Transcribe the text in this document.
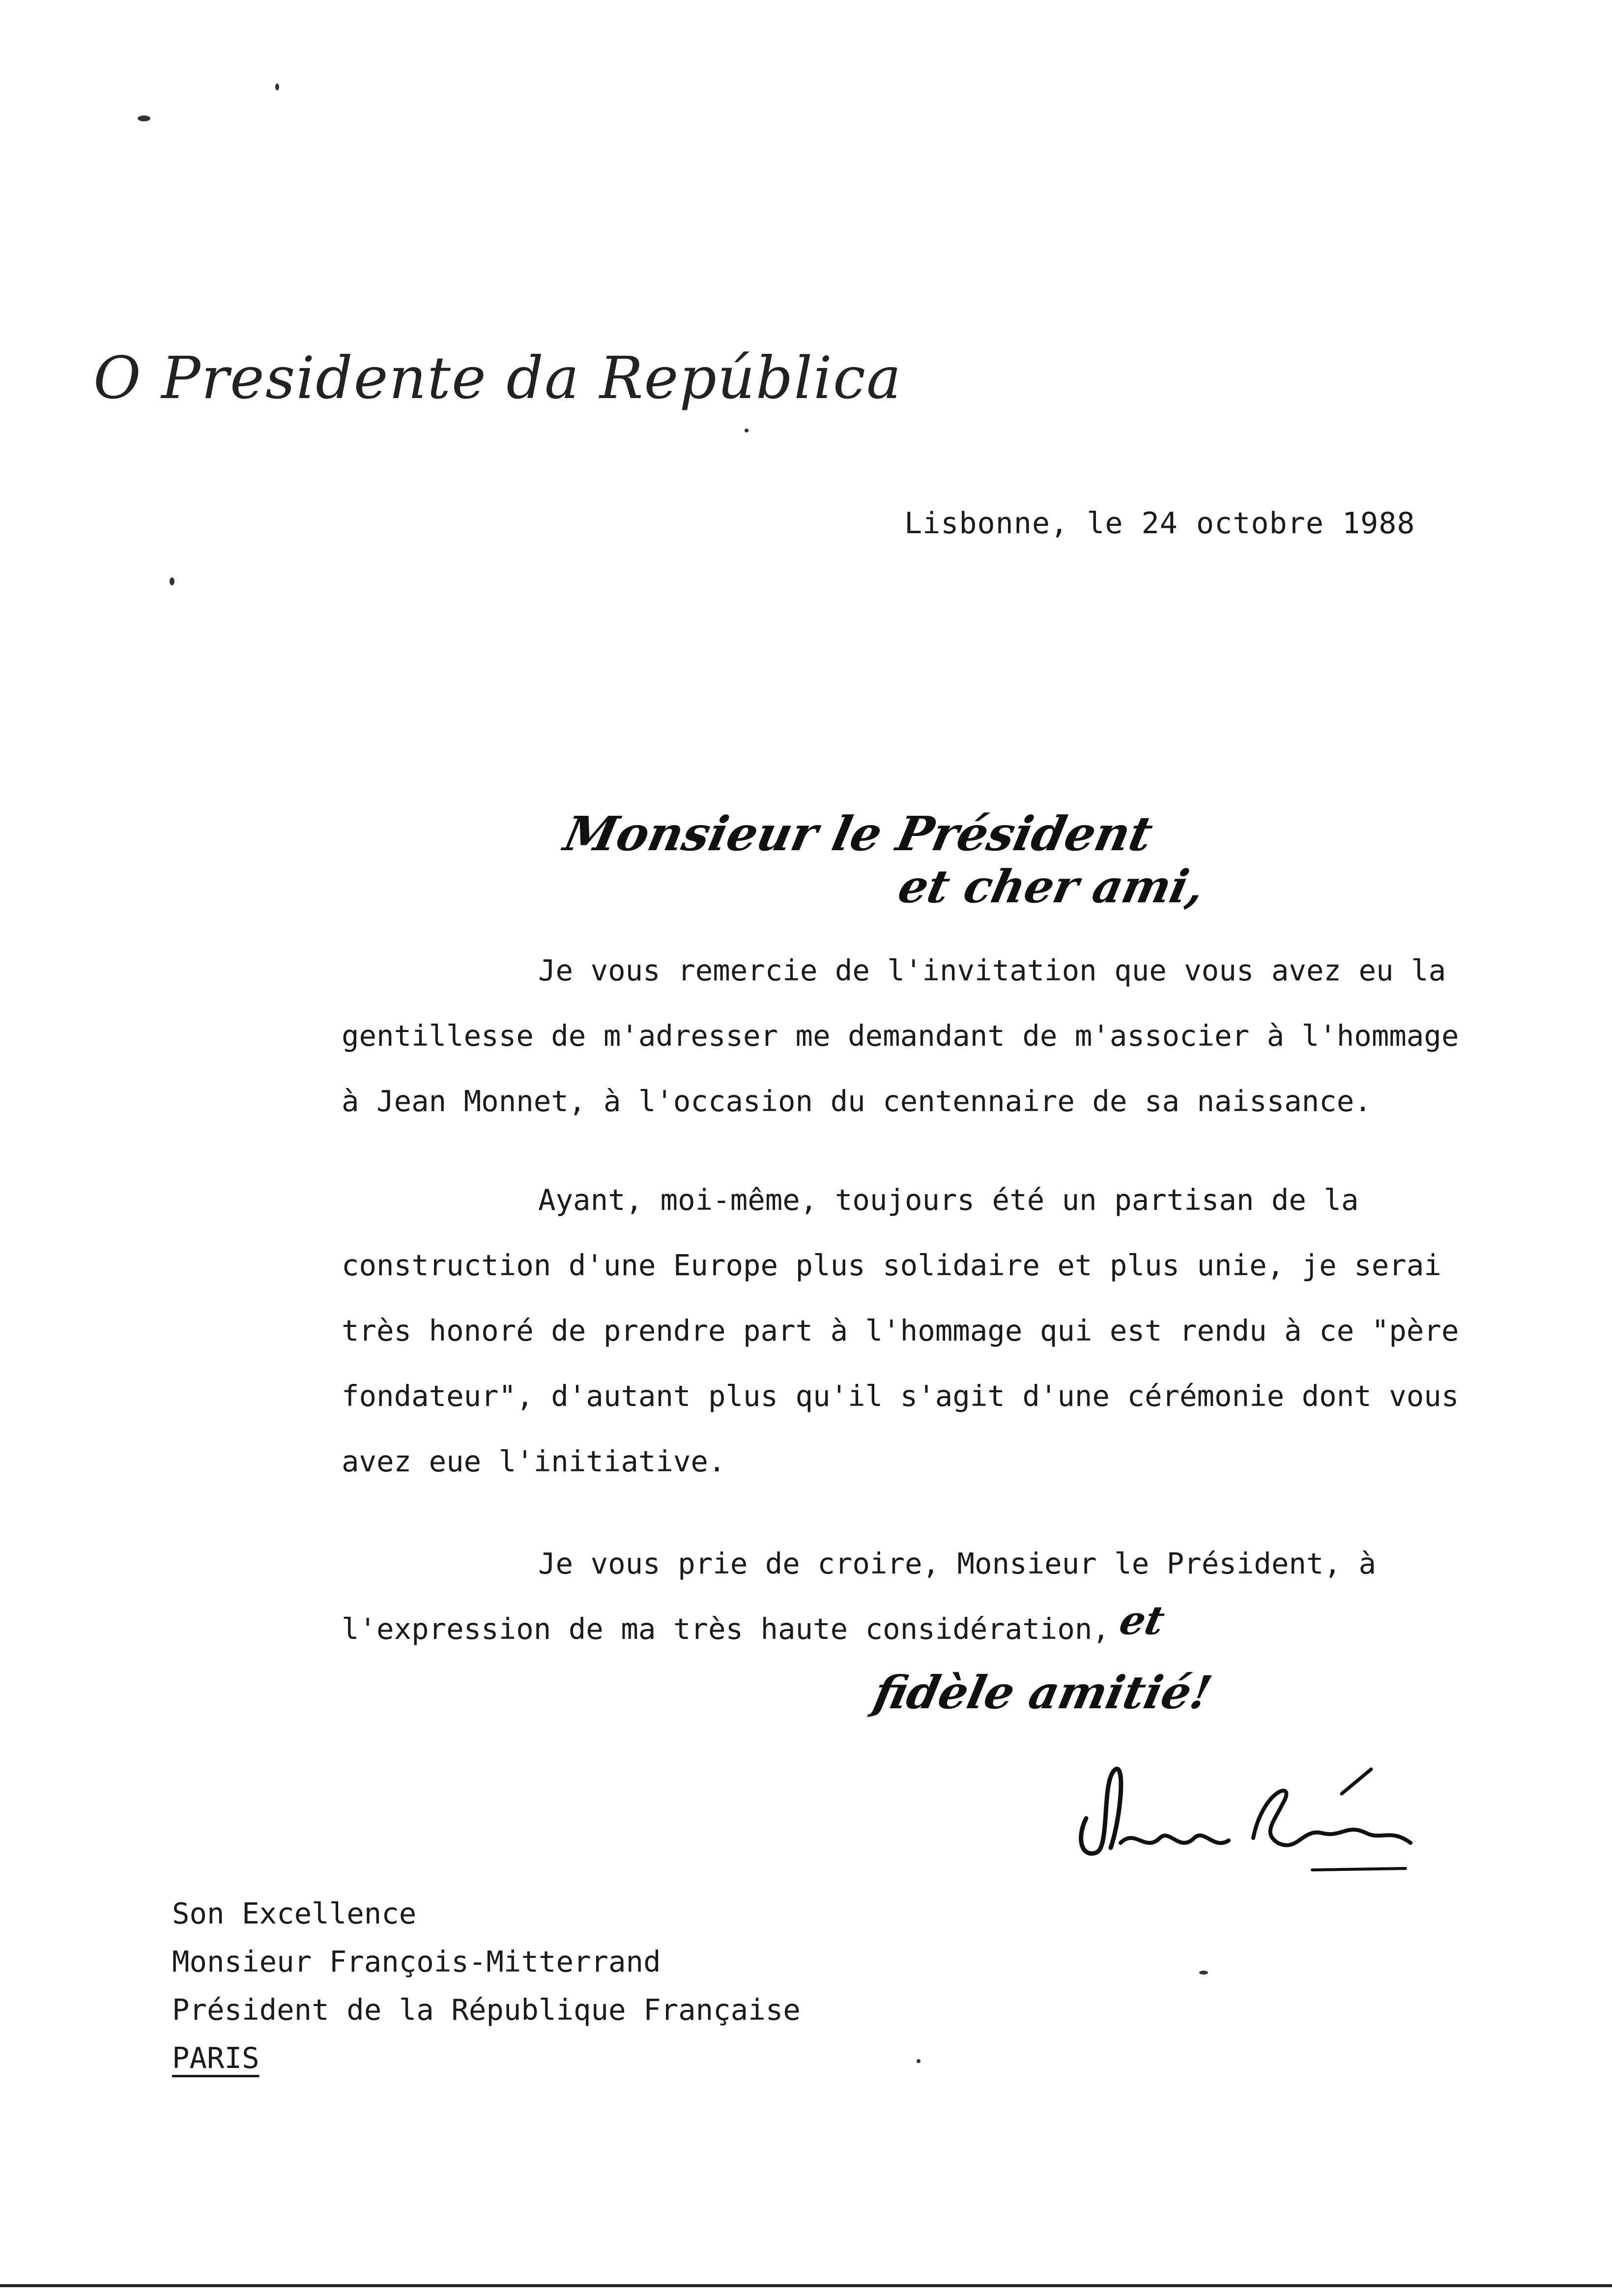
O Presidente da República
Lisbonne, le 24 octobre 1988
Monsieur le Président
et cher ami,
Je vous remercie de l'invitation que vous avez eu la
gentillesse de m'adresser me demandant de m'associer à l'hommage
à Jean Monnet, à l'occasion du centennaire de sa naissance.
Ayant, moi-même, toujours été un partisan de la
construction d'une Europe plus solidaire et plus unie, je serai
très honoré de prendre part à l'hommage qui est rendu à ce "père
fondateur", d'autant plus qu'il s'agit d'une cérémonie dont vous
avez eue l'initiative.
Je vous prie de croire, Monsieur le Président, à
l'expression de ma très haute considération, et
fidèle amitié!
Son Excellence
Monsieur François-Mitterrand
Président de la République Française
PARIS
